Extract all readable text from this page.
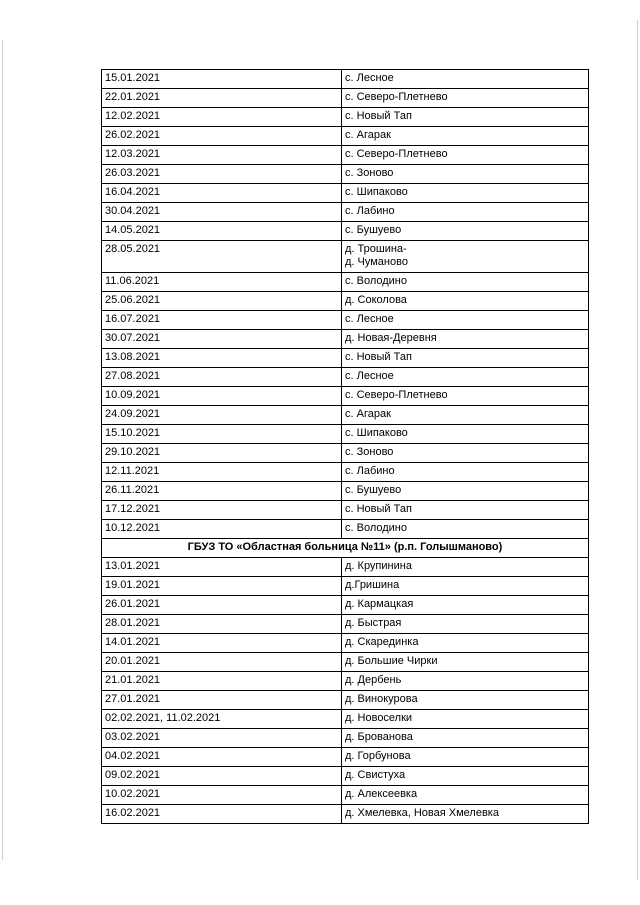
15.01.2021	с. Лесное

22.01.2021	с. Северо-Плетнево

12.02.2021	с. Новый Тап

26.02.2021	с. Агарак

12.03.2021	с. Северо-Плетнево

26.03.2021	с. Зоново

16.04.2021	с. Шипаково

30.04.2021	с. Лабино

14.05.2021	с. Бушуево

28.05.2021	д. Трошина-
д. Чуманово

11.06.2021	с. Володино

25.06.2021	д. Соколова

16.07.2021	с. Лесное

30.07.2021	д. Новая-Деревня

13.08.2021	с. Новый Тап

27.08.2021	с. Лесное

10.09.2021	с. Северо-Плетнево

24.09.2021	с. Агарак

15.10.2021	с. Шипаково

29.10.2021	с. Зоново

12.11.2021	с. Лабино

26.11.2021	с. Бушуево

17.12.2021	с. Новый Тап

10.12.2021	с. Володино

ГБУЗ ТО «Областная больница №11» (р.п. Голышманово)	
13.01.2021	д. Крупинина

19.01.2021	д.Гришина

26.01.2021	д. Кармацкая

28.01.2021	д. Быстрая

14.01.2021	д. Скарединка

20.01.2021	д. Большие Чирки

21.01.2021	д. Дербень

27.01.2021	д. Винокурова

02.02.2021, 11.02.2021	д. Новоселки

03.02.2021	д. Брованова

04.02.2021	д. Горбунова

09.02.2021	д. Свистуха

10.02.2021	д. Алексеевка

16.02.2021	д. Хмелевка, Новая Хмелевка
